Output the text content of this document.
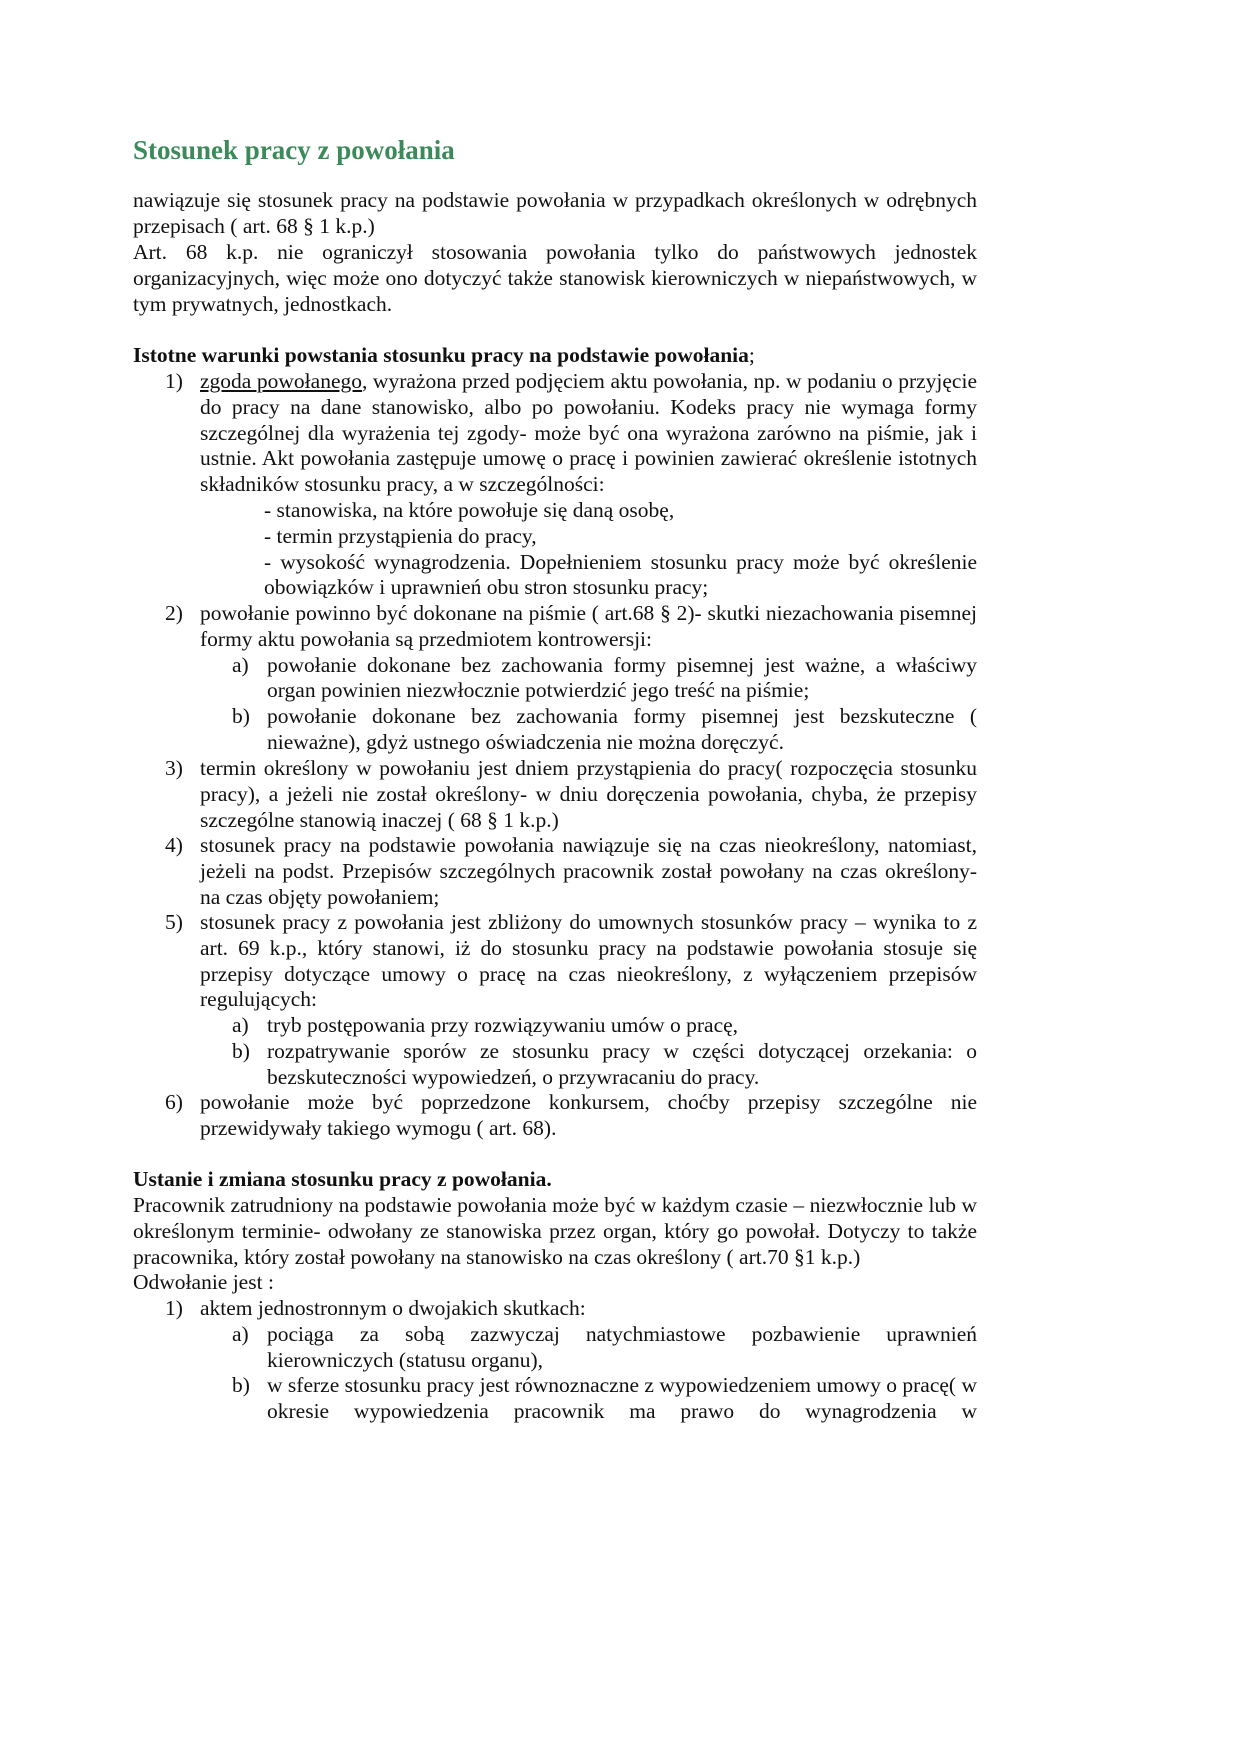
Stosunek pracy z powołania
nawiązuje się stosunek pracy na podstawie powołania w przypadkach określonych w odrębnych przepisach ( art. 68 § 1 k.p.)
Art. 68 k.p. nie ograniczył stosowania powołania tylko do państwowych jednostek organizacyjnych, więc może ono dotyczyć także stanowisk kierowniczych w niepaństwowych, w tym prywatnych, jednostkach.
Istotne warunki powstania stosunku pracy na podstawie powołania;
1) zgoda powołanego, wyrażona przed podjęciem aktu powołania, np. w podaniu o przyjęcie do pracy na dane stanowisko, albo po powołaniu. Kodeks pracy nie wymaga formy szczególnej dla wyrażenia tej zgody- może być ona wyrażona zarówno na piśmie, jak i ustnie. Akt powołania zastępuje umowę o pracę i powinien zawierać określenie istotnych składników stosunku pracy, a w szczególności:
- stanowiska, na które powołuje się daną osobę,
- termin przystąpienia do pracy,
- wysokość wynagrodzenia. Dopełnieniem stosunku pracy może być określenie obowiązków i uprawnień obu stron stosunku pracy;
2) powołanie powinno być dokonane na piśmie ( art.68 § 2)- skutki niezachowania pisemnej formy aktu powołania są przedmiotem kontrowersji:
a) powołanie dokonane bez zachowania formy pisemnej jest ważne, a właściwy organ powinien niezwłocznie potwierdzić jego treść na piśmie;
b) powołanie dokonane bez zachowania formy pisemnej jest bezskuteczne ( nieważne), gdyż ustnego oświadczenia nie można doręczyć.
3) termin określony w powołaniu jest dniem przystąpienia do pracy( rozpoczęcia stosunku pracy), a jeżeli nie został określony- w dniu doręczenia powołania, chyba, że przepisy szczególne stanowią inaczej ( 68 § 1 k.p.)
4) stosunek pracy na podstawie powołania nawiązuje się na czas nieokreślony, natomiast, jeżeli na podst. Przepisów szczególnych pracownik został powołany na czas określony- na czas objęty powołaniem;
5) stosunek pracy z powołania jest zbliżony do umownych stosunków pracy – wynika to z art. 69 k.p., który stanowi, iż do stosunku pracy na podstawie powołania stosuje się przepisy dotyczące umowy o pracę na czas nieokreślony, z wyłączeniem przepisów regulujących:
a) tryb postępowania przy rozwiązywaniu umów o pracę,
b) rozpatrywanie sporów ze stosunku pracy w części dotyczącej orzekania: o bezskuteczności wypowiedzeń, o przywracaniu do pracy.
6) powołanie może być poprzedzone konkursem, choćby przepisy szczególne nie przewidywały takiego wymogu ( art. 68).
Ustanie i zmiana stosunku pracy z powołania.
Pracownik zatrudniony na podstawie powołania może być w każdym czasie – niezwłocznie lub w określonym terminie- odwołany ze stanowiska przez organ, który go powołał. Dotyczy to także pracownika, który został powołany na stanowisko na czas określony ( art.70 §1 k.p.)
Odwołanie jest :
1) aktem jednostronnym o dwojakich skutkach:
a) pociąga za sobą zazwyczaj natychmiastowe pozbawienie uprawnień kierowniczych (statusu organu),
b) w sferze stosunku pracy jest równoznaczne z wypowiedzeniem umowy o pracę( w okresie wypowiedzenia pracownik ma prawo do wynagrodzenia w
